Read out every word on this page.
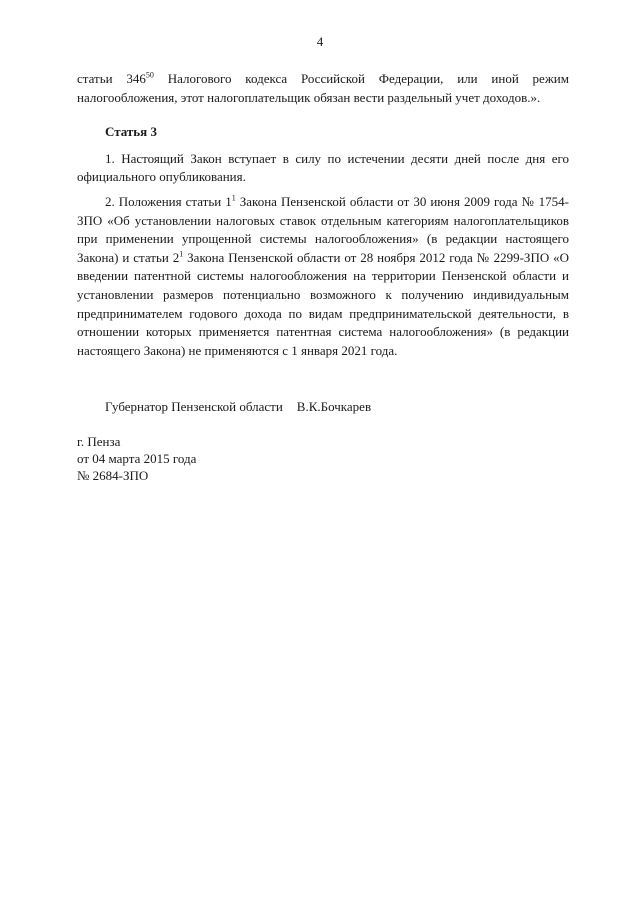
4

статьи $346^{50}$ Налогового кодекса Российской Федерации, или иной режим налогообложения, этот налогоплательщик обязан вести раздельный учет доходов.».

Статья 3

1. Настоящий Закон вступает в силу по истечении десяти дней после дня его официального опубликования.

2. Положения статьи $1^1$ Закона Пензенской области от 30 июня 2009 года № 1754-ЗПО «Об установлении налоговых ставок отдельным категориям налогоплательщиков при применении упрощенной системы налогообложения» (в редакции настоящего Закона) и статьи $2^1$ Закона Пензенской области от 28 ноября 2012 года № 2299-ЗПО «О введении патентной системы налогообложения на территории Пензенской области и установлении размеров потенциально возможного к получению индивидуальным предпринимателем годового дохода по видам предпринимательской деятельности, в отношении которых применяется патентная система налогообложения» (в редакции настоящего Закона) не применяются с 1 января 2021 года.

Губернатор Пензенской области В.К.Бочкарев
г. Пенза
от 04 марта 2015 года
№ 2684-ЗПО
